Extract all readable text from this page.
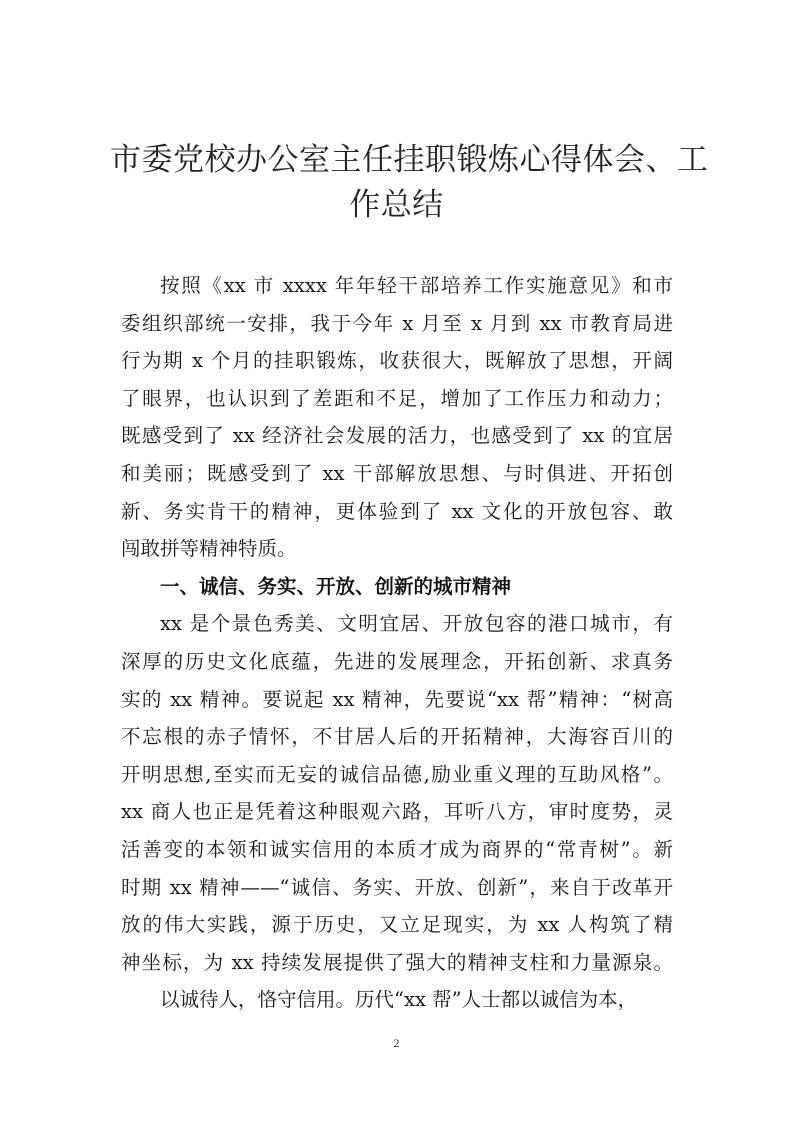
市委党校办公室主任挂职锻炼心得体会、工
作总结
按照《xx 市 xxxx 年年轻干部培养工作实施意见》和市
委组织部统一安排，我于今年 x 月至 x 月到 xx 市教育局进
行为期 x 个月的挂职锻炼，收获很大，既解放了思想，开阔
了眼界，也认识到了差距和不足，增加了工作压力和动力；
既感受到了 xx 经济社会发展的活力，也感受到了 xx 的宜居
和美丽；既感受到了 xx 干部解放思想、与时俱进、开拓创
新、务实肯干的精神，更体验到了 xx 文化的开放包容、敢
闯敢拼等精神特质。
一、诚信、务实、开放、创新的城市精神
xx 是个景色秀美、文明宜居、开放包容的港口城市，有
深厚的历史文化底蕴，先进的发展理念，开拓创新、求真务
实的 xx 精神。要说起 xx 精神，先要说“xx 帮”精神：“树高
不忘根的赤子情怀，不甘居人后的开拓精神，大海容百川的
开明思想,至实而无妄的诚信品德,励业重义理的互助风格”。
xx 商人也正是凭着这种眼观六路，耳听八方，审时度势，灵
活善变的本领和诚实信用的本质才成为商界的“常青树”。新
时期 xx 精神——“诚信、务实、开放、创新”，来自于改革开
放的伟大实践，源于历史，又立足现实，为 xx 人构筑了精
神坐标，为 xx 持续发展提供了强大的精神支柱和力量源泉。
以诚待人，恪守信用。历代“xx 帮”人士都以诚信为本，
2
